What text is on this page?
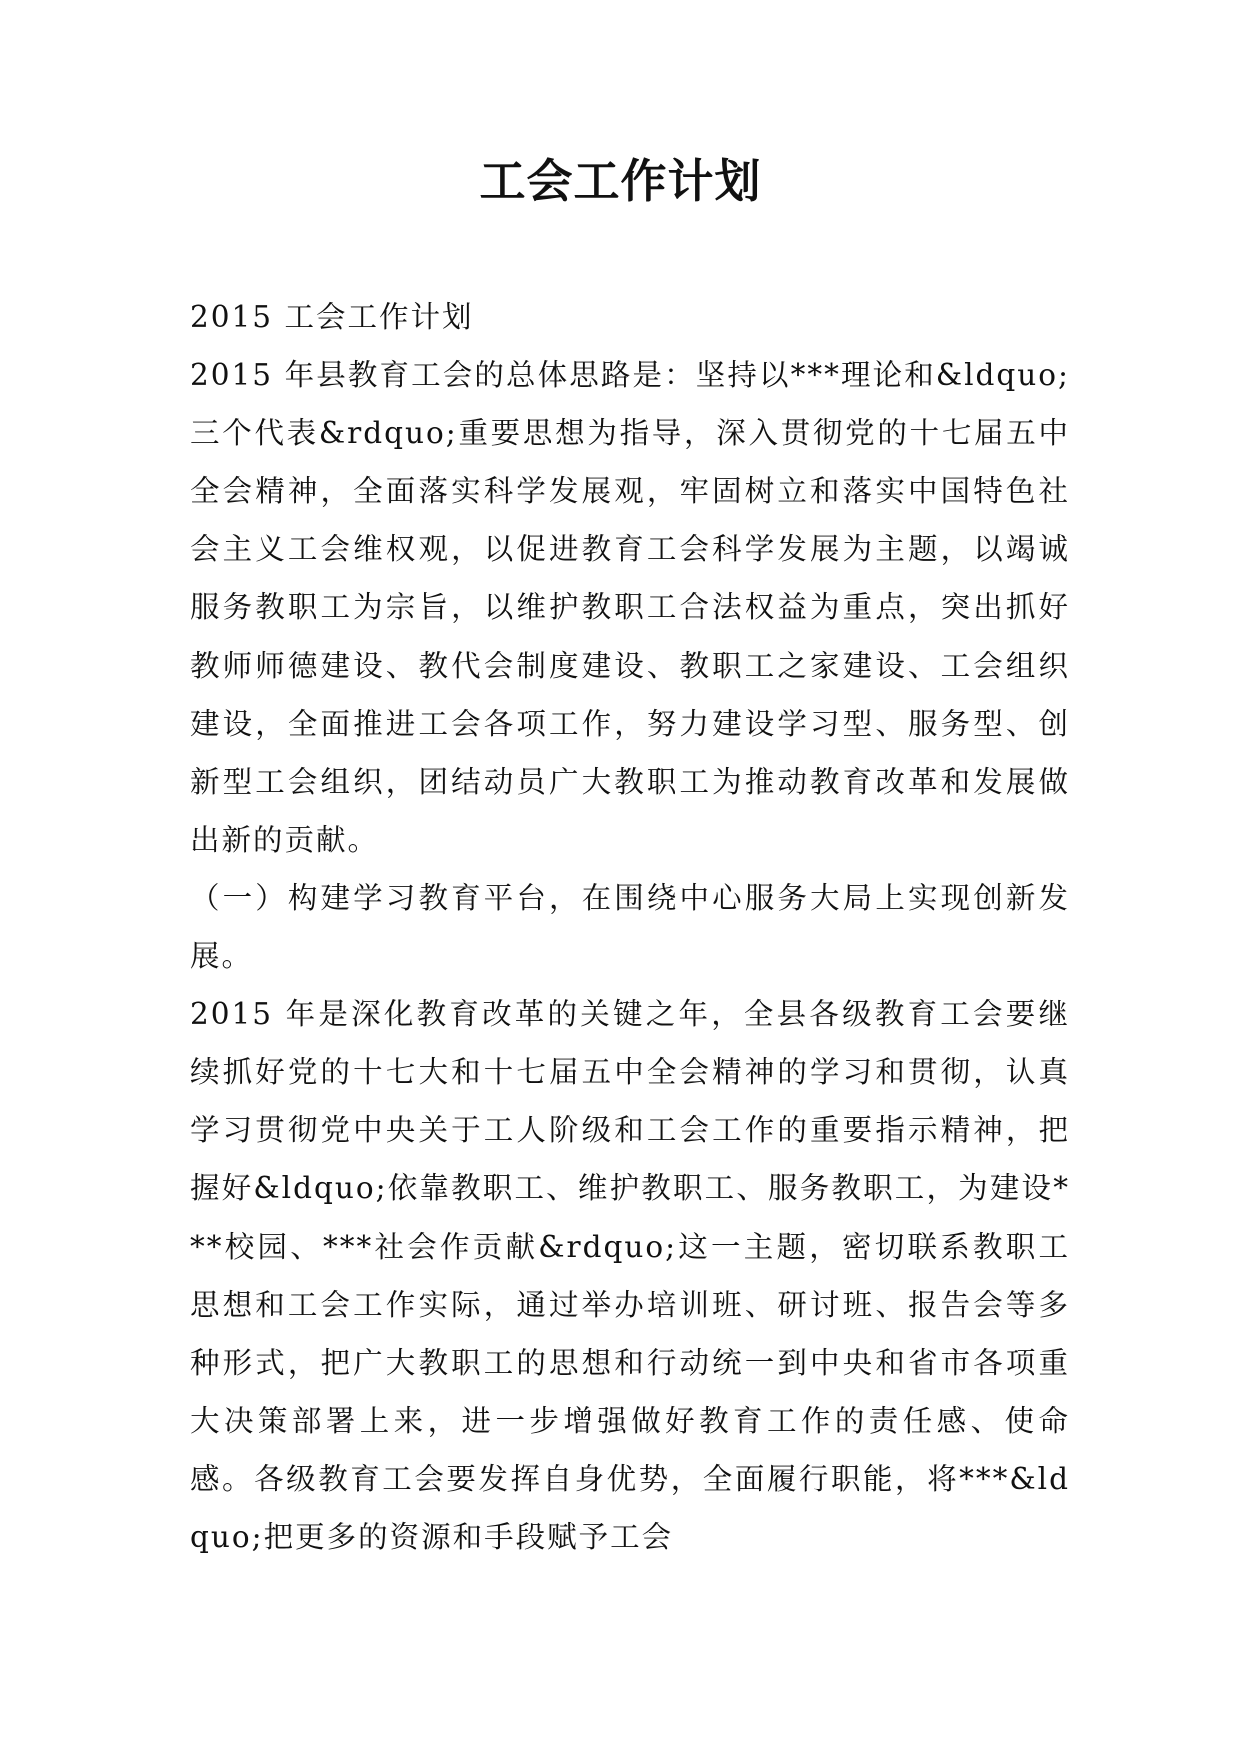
工会工作计划

2015 工会工作计划

2015 年县教育工会的总体思路是：坚持以***理论和&ldquo;三个代表&rdquo;重要思想为指导，深入贯彻党的十七届五中全会精神，全面落实科学发展观，牢固树立和落实中国特色社会主义工会维权观，以促进教育工会科学发展为主题，以竭诚服务教职工为宗旨，以维护教职工合法权益为重点，突出抓好教师师德建设、教代会制度建设、教职工之家建设、工会组织建设，全面推进工会各项工作，努力建设学习型、服务型、创新型工会组织，团结动员广大教职工为推动教育改革和发展做出新的贡献。

（一）构建学习教育平台，在围绕中心服务大局上实现创新发展。

2015 年是深化教育改革的关键之年，全县各级教育工会要继续抓好党的十七大和十七届五中全会精神的学习和贯彻，认真学习贯彻党中央关于工人阶级和工会工作的重要指示精神，把握好&ldquo;依靠教职工、维护教职工、服务教职工，为建设***校园、***社会作贡献&rdquo;这一主题，密切联系教职工思想和工会工作实际，通过举办培训班、研讨班、报告会等多种形式，把广大教职工的思想和行动统一到中央和省市各项重大决策部署上来，进一步增强做好教育工作的责任感、使命感。各级教育工会要发挥自身优势，全面履行职能，将***&ldquo;把更多的资源和手段赋予工会
